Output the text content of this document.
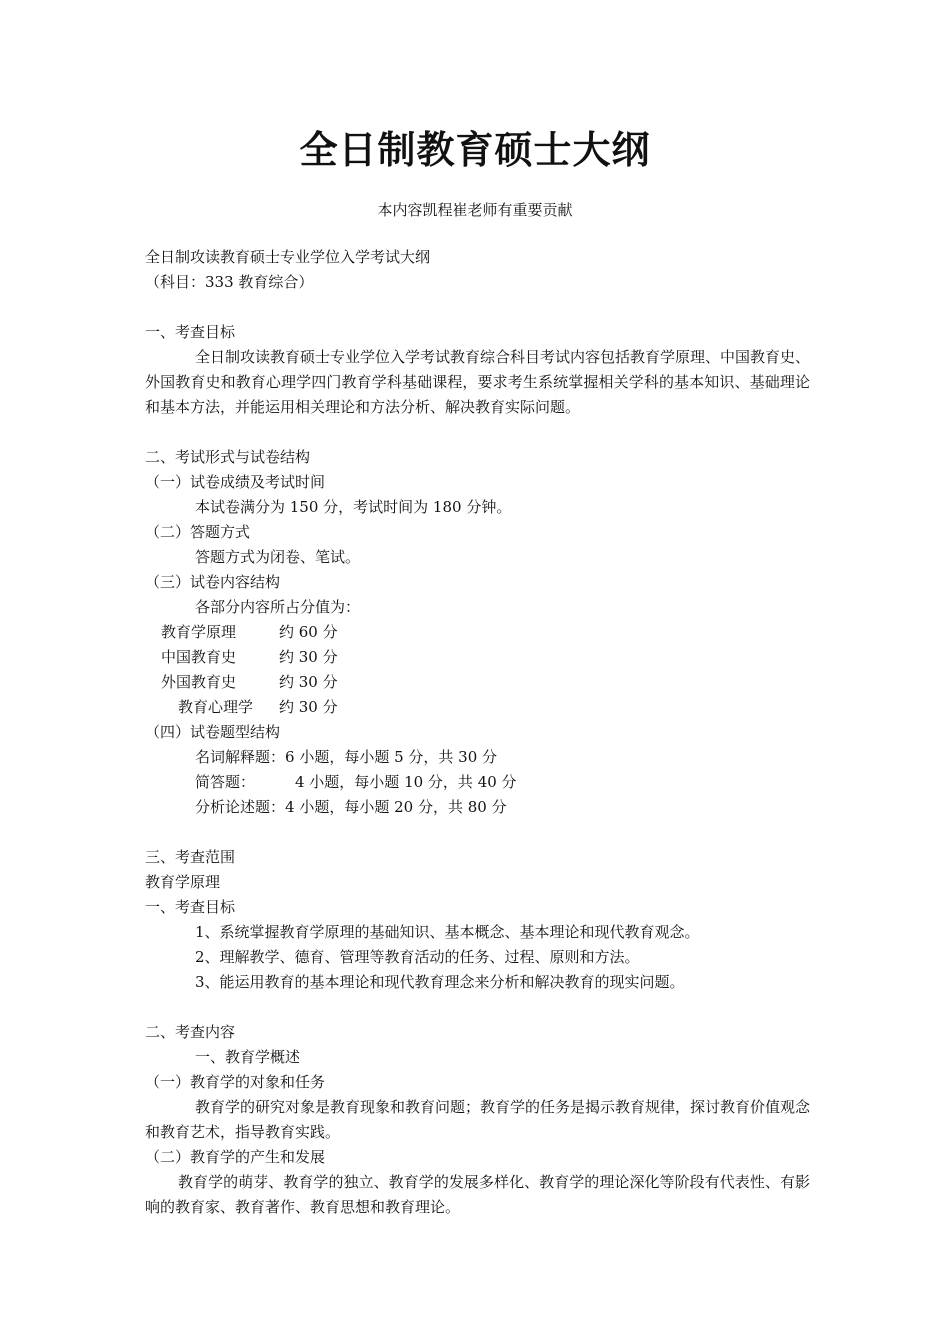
全日制教育硕士大纲
本内容凯程崔老师有重要贡献
全日制攻读教育硕士专业学位入学考试大纲
（科目：333 教育综合）
一、考查目标
全日制攻读教育硕士专业学位入学考试教育综合科目考试内容包括教育学原理、中国教育史、外国教育史和教育心理学四门教育学科基础课程，要求考生系统掌握相关学科的基本知识、基础理论和基本方法，并能运用相关理论和方法分析、解决教育实际问题。
二、考试形式与试卷结构
（一）试卷成绩及考试时间
本试卷满分为 150 分，考试时间为 180 分钟。
（二）答题方式
答题方式为闭卷、笔试。
（三）试卷内容结构
各部分内容所占分值为：
教育学原理	约 60 分
中国教育史	约 30 分
外国教育史	约 30 分
教育心理学 约 30 分
（四）试卷题型结构
名词解释题：6 小题，每小题 5 分，共 30 分
简答题：	4 小题，每小题 10 分，共 40 分
分析论述题：4 小题，每小题 20 分，共 80 分
三、考查范围
教育学原理
一、考查目标
1、系统掌握教育学原理的基础知识、基本概念、基本理论和现代教育观念。
2、理解教学、德育、管理等教育活动的任务、过程、原则和方法。
3、能运用教育的基本理论和现代教育理念来分析和解决教育的现实问题。
二、考查内容
一、教育学概述
（一）教育学的对象和任务
教育学的研究对象是教育现象和教育问题；教育学的任务是揭示教育规律，探讨教育价值观念和教育艺术，指导教育实践。
（二）教育学的产生和发展
教育学的萌芽、教育学的独立、教育学的发展多样化、教育学的理论深化等阶段有代表性、有影响的教育家、教育著作、教育思想和教育理论。
